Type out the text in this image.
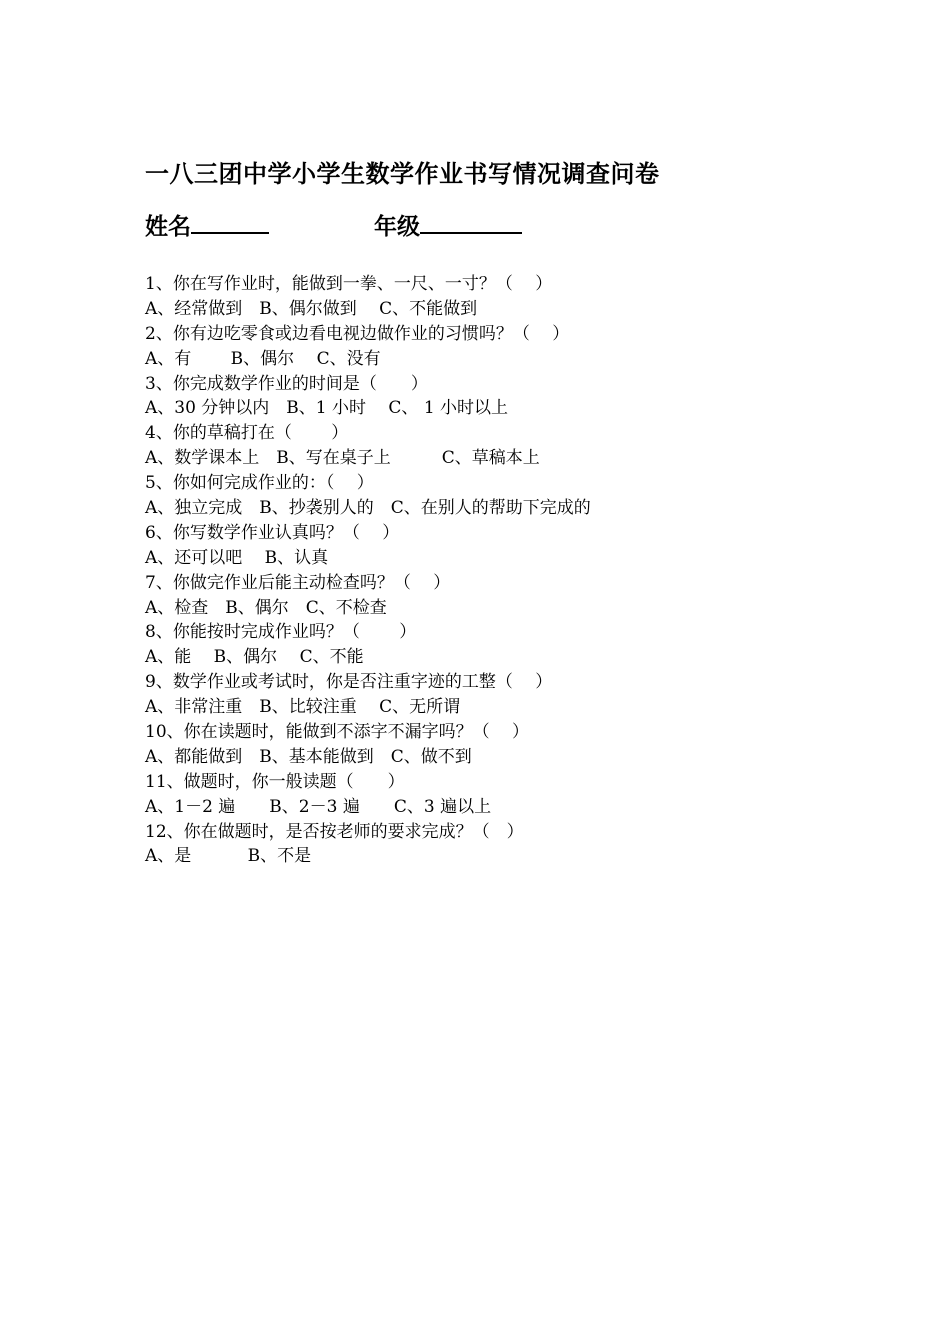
一八三团中学小学生数学作业书写情况调查问卷
姓名	年级
1、你在写作业时，能做到一拳、一尺、一寸？（　 ）
A、经常做到　B、偶尔做到　 C、不能做到
2、你有边吃零食或边看电视边做作业的习惯吗？（　 ）
A、有　　 B、偶尔　 C、没有
3、你完成数学作业的时间是（　　）
A、30 分钟以内　B、1 小时　 C、 1 小时以上
4、你的草稿打在（　　 ）
A、数学课本上　B、写在桌子上　　　C、草稿本上
5、你如何完成作业的：（　 ）
A、独立完成　B、抄袭别人的　C、在别人的帮助下完成的
6、你写数学作业认真吗？（　 ）
A、还可以吧　 B、认真
7、你做完作业后能主动检查吗？（　 ）
A、检查　B、偶尔　C、不检查
8、你能按时完成作业吗？（　　 ）
A、能　 B、偶尔　 C、不能
9、数学作业或考试时，你是否注重字迹的工整（　 ）
A、非常注重　B、比较注重　 C、无所谓
10、你在读题时，能做到不添字不漏字吗？（　 ）
A、都能做到　B、基本能做到　C、做不到
11、做题时，你一般读题（　　）
A、1－2 遍　　B、2－3 遍　　C、3 遍以上
12、你在做题时，是否按老师的要求完成？（　）
A、是　　　 B、不是
